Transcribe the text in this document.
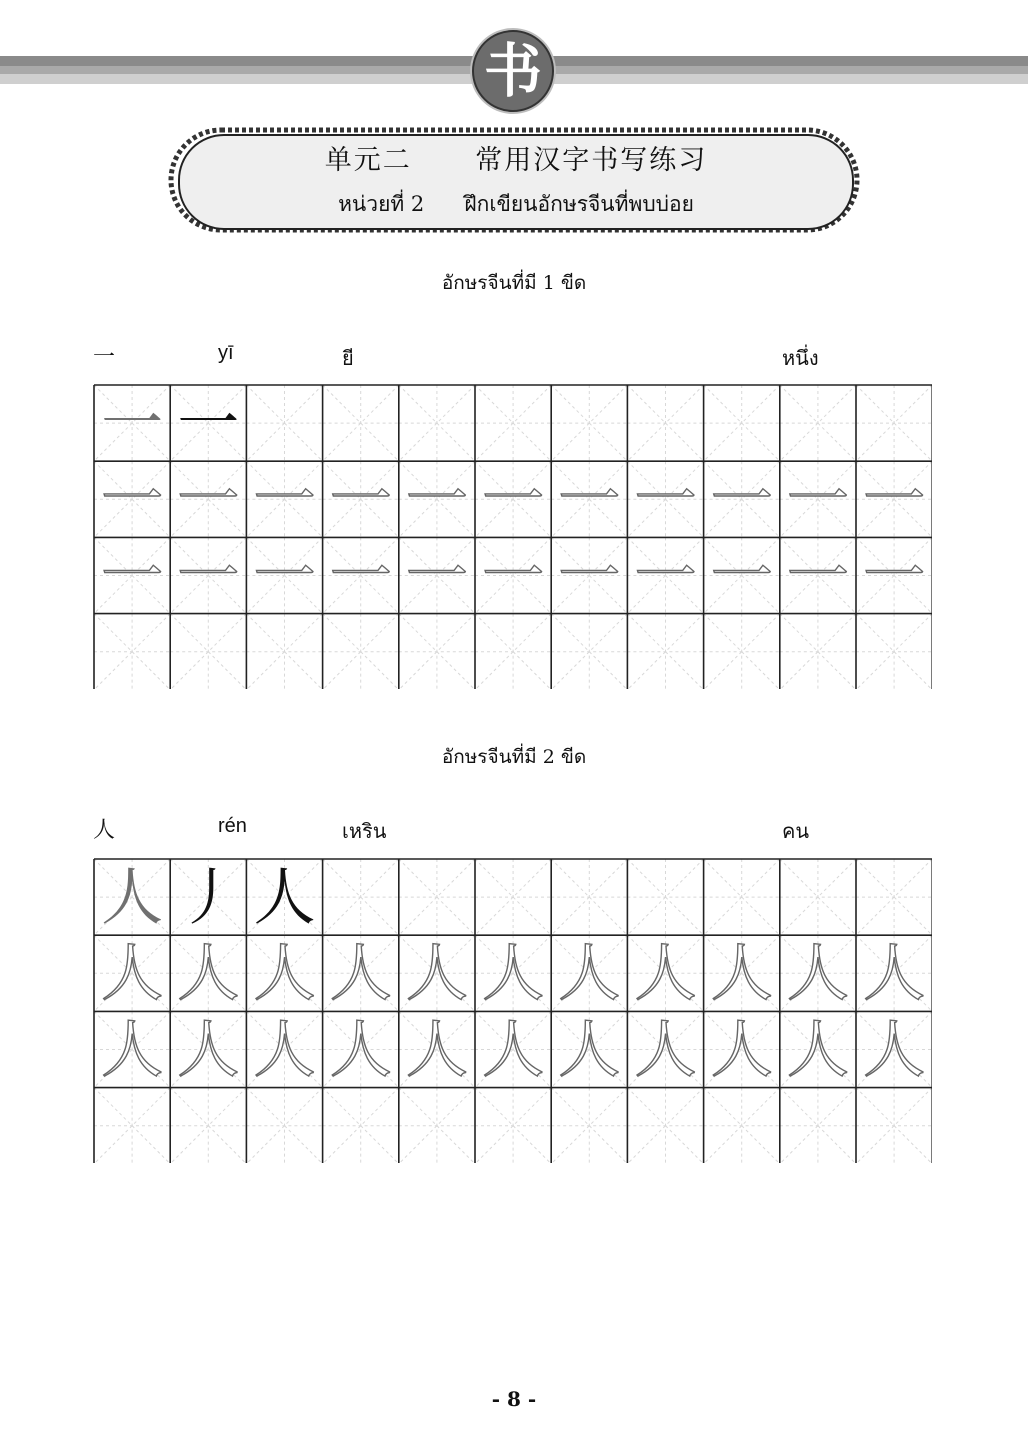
书
单元二      常用汉字书写练习
หน่วยที่ 2      ฝึกเขียนอักษรจีนที่พบบ่อย
อักษรจีนที่มี 1 ขีด
一	yī	ยี	หนึ่ง
一 一
一 一 一 一 一 一 一 一 一 一 一
一 一 一 一 一 一 一 一 一 一 一
อักษรจีนที่มี 2 ขีด
人	rén	เหริน	คน
人 丿 人
人 人 人 人 人 人 人 人 人 人 人
人 人 人 人 人 人 人 人 人 人 人
- 8 -
